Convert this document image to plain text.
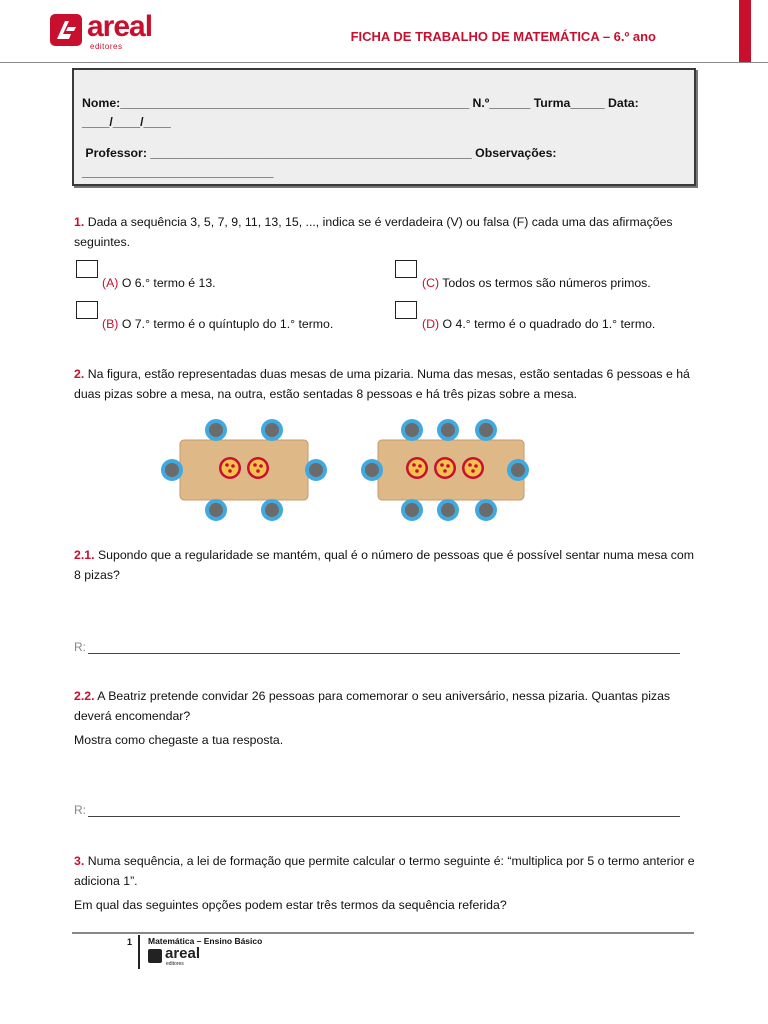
areal
editores
FICHA DE TRABALHO DE MATEMÁTICA – 6.º ano
Nome:___________________________________________________ N.º______ Turma_____ Data:
____/____/____
Professor: _______________________________________________ Observações:
____________________________
1. Dada a sequência 3, 5, 7, 9, 11, 13, 15, ..., indica se é verdadeira (V) ou falsa (F) cada uma das afirmações seguintes.
(A) O 6.° termo é 13.
(B) O 7.° termo é o quíntuplo do 1.° termo.
(C) Todos os termos são números primos.
(D) O 4.° termo é o quadrado do 1.° termo.
2. Na figura, estão representadas duas mesas de uma pizaria. Numa das mesas, estão sentadas 6 pessoas e há duas pizas sobre a mesa, na outra, estão sentadas 8 pessoas e há três pizas sobre a mesa.
2.1. Supondo que a regularidade se mantém, qual é o número de pessoas que é possível sentar numa mesa com 8 pizas?
R:
2.2. A Beatriz pretende convidar 26 pessoas para comemorar o seu aniversário, nessa pizaria. Quantas pizas deverá encomendar?
Mostra como chegaste a tua resposta.
R:
3. Numa sequência, a lei de formação que permite calcular o termo seguinte é: “multiplica por 5 o termo anterior e adiciona 1”.
Em qual das seguintes opções podem estar três termos da sequência referida?
1 Matemática – Ensino Básico
areal
editores
